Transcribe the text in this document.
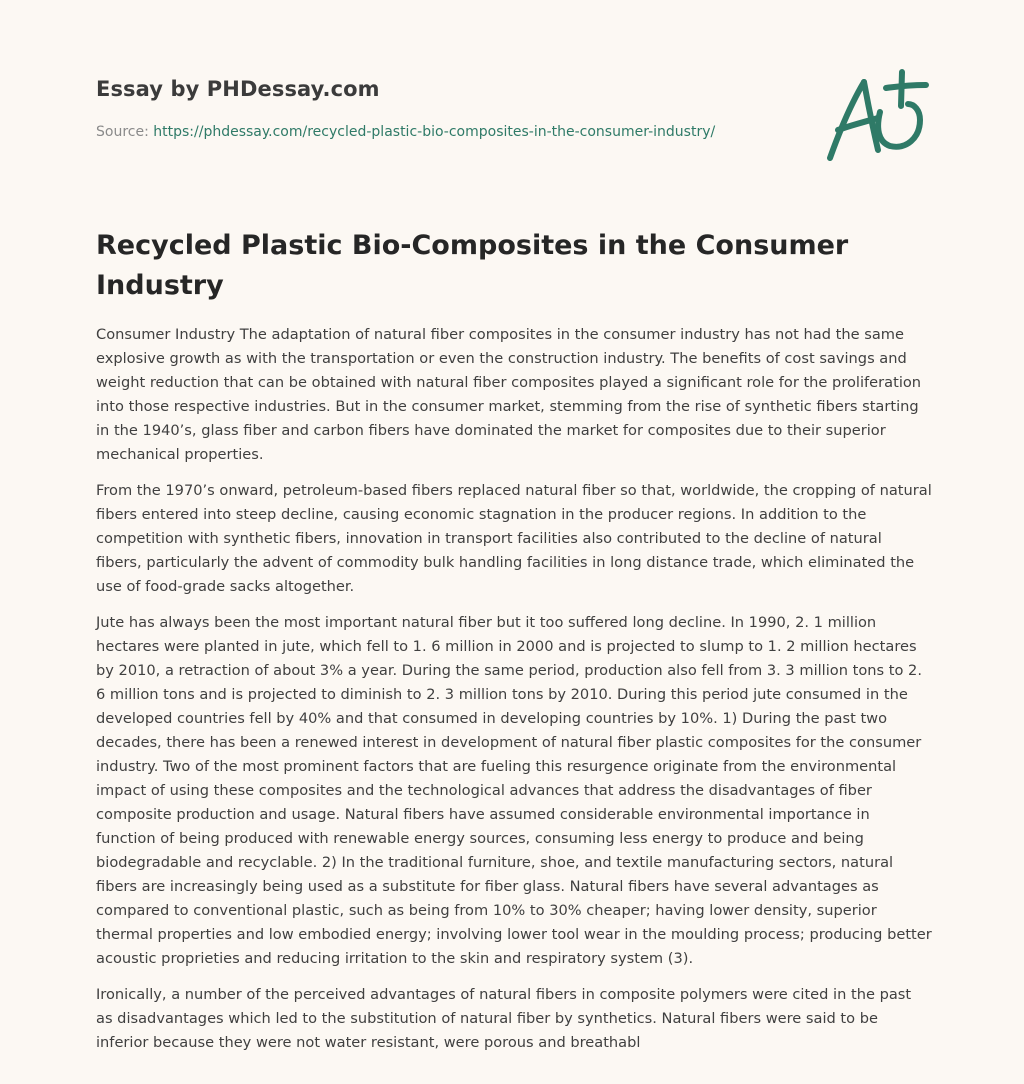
Essay by PHDessay.com
Source: https://phdessay.com/recycled-plastic-bio-composites-in-the-consumer-industry/
Recycled Plastic Bio-Composites in the Consumer Industry

Consumer Industry The adaptation of natural fiber composites in the consumer industry has not had the same explosive growth as with the transportation or even the construction industry. The benefits of cost savings and weight reduction that can be obtained with natural fiber composites played a significant role for the proliferation into those respective industries. But in the consumer market, stemming from the rise of synthetic fibers starting in the 1940’s, glass fiber and carbon fibers have dominated the market for composites due to their superior mechanical properties.

From the 1970’s onward, petroleum-based fibers replaced natural fiber so that, worldwide, the cropping of natural fibers entered into steep decline, causing economic stagnation in the producer regions. In addition to the competition with synthetic fibers, innovation in transport facilities also contributed to the decline of natural fibers, particularly the advent of commodity bulk handling facilities in long distance trade, which eliminated the use of food-grade sacks altogether.

Jute has always been the most important natural fiber but it too suffered long decline. In 1990, 2. 1 million hectares were planted in jute, which fell to 1. 6 million in 2000 and is projected to slump to 1. 2 million hectares by 2010, a retraction of about 3% a year. During the same period, production also fell from 3. 3 million tons to 2. 6 million tons and is projected to diminish to 2. 3 million tons by 2010. During this period jute consumed in the developed countries fell by 40% and that consumed in developing countries by 10%. 1) During the past two decades, there has been a renewed interest in development of natural fiber plastic composites for the consumer industry. Two of the most prominent factors that are fueling this resurgence originate from the environmental impact of using these composites and the technological advances that address the disadvantages of fiber composite production and usage. Natural fibers have assumed considerable environmental importance in function of being produced with renewable energy sources, consuming less energy to produce and being biodegradable and recyclable. 2) In the traditional furniture, shoe, and textile manufacturing sectors, natural fibers are increasingly being used as a substitute for fiber glass. Natural fibers have several advantages as compared to conventional plastic, such as being from 10% to 30% cheaper; having lower density, superior thermal properties and low embodied energy; involving lower tool wear in the moulding process; producing better acoustic proprieties and reducing irritation to the skin and respiratory system (3).

Ironically, a number of the perceived advantages of natural fibers in composite polymers were cited in the past as disadvantages which led to the substitution of natural fiber by synthetics. Natural fibers were said to be inferior because they were not water resistant, were porous and breathabl
